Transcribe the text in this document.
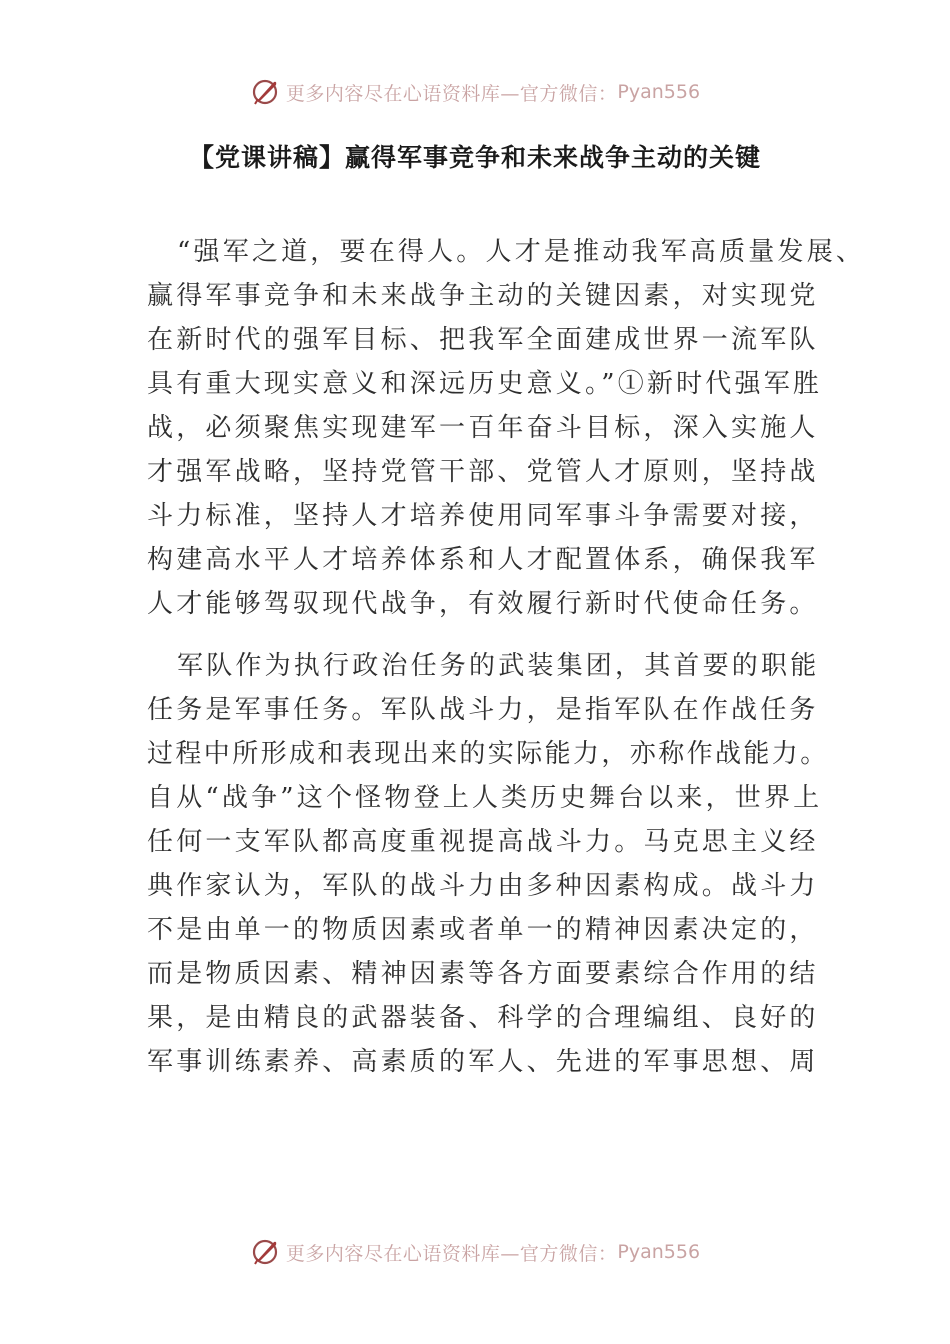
更多内容尽在心语资料库—官方微信： Pyan556
【党课讲稿】赢得军事竞争和未来战争主动的关键
“强军之道，要在得人。人才是推动我军高质量发展、
赢得军事竞争和未来战争主动的关键因素，对实现党
在新时代的强军目标、把我军全面建成世界一流军队
具有重大现实意义和深远历史意义。”①新时代强军胜
战，必须聚焦实现建军一百年奋斗目标，深入实施人
才强军战略，坚持党管干部、党管人才原则，坚持战
斗力标准，坚持人才培养使用同军事斗争需要对接，
构建高水平人才培养体系和人才配置体系，确保我军
人才能够驾驭现代战争，有效履行新时代使命任务。
军队作为执行政治任务的武装集团，其首要的职能
任务是军事任务。军队战斗力，是指军队在作战任务
过程中所形成和表现出来的实际能力，亦称作战能力。
自从“战争”这个怪物登上人类历史舞台以来，世界上
任何一支军队都高度重视提高战斗力。马克思主义经
典作家认为，军队的战斗力由多种因素构成。战斗力
不是由单一的物质因素或者单一的精神因素决定的，
而是物质因素、精神因素等各方面要素综合作用的结
果，是由精良的武器装备、科学的合理编组、良好的
军事训练素养、高素质的军人、先进的军事思想、周
更多内容尽在心语资料库—官方微信： Pyan556
